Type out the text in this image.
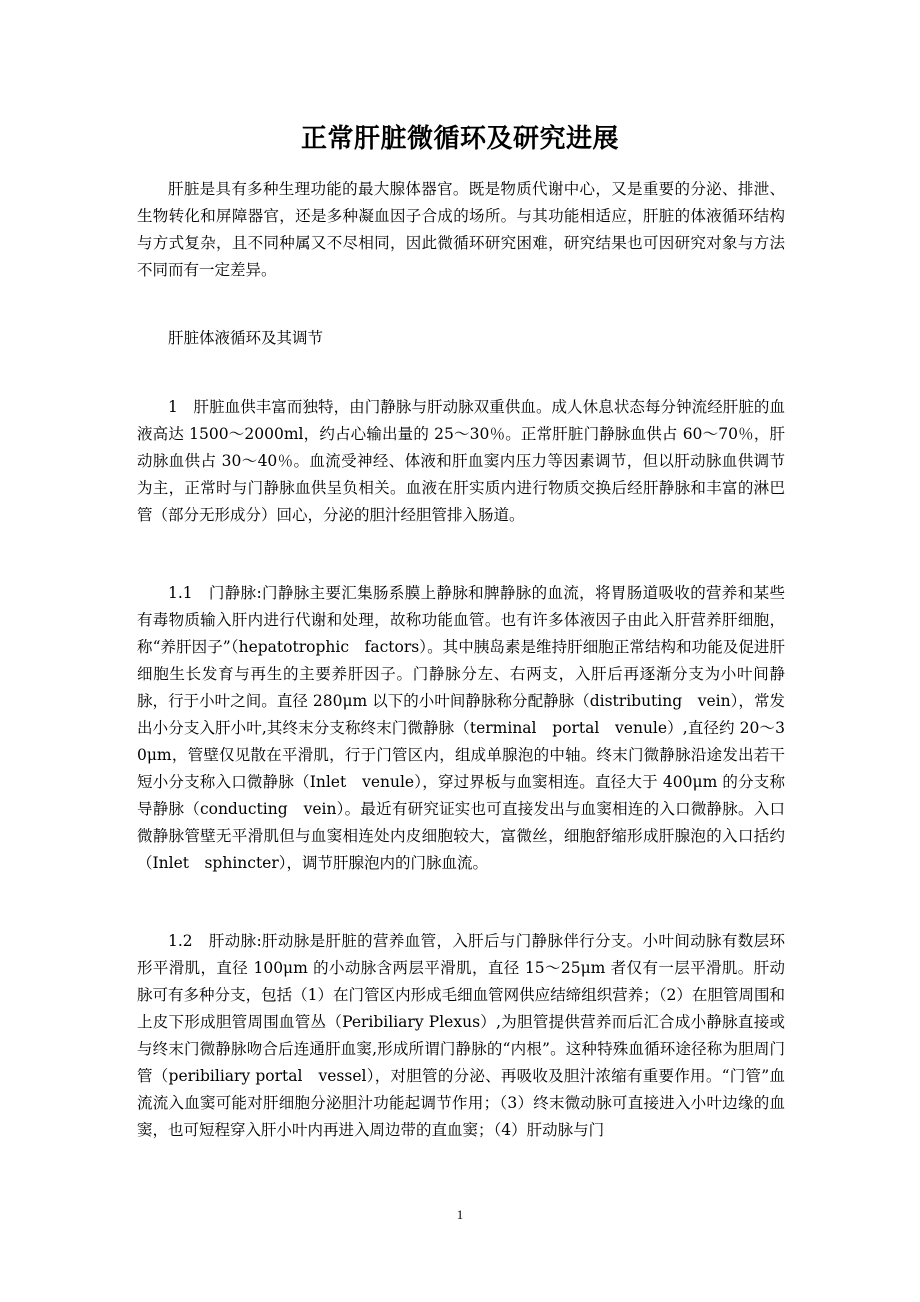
正常肝脏微循环及研究进展

肝脏是具有多种生理功能的最大腺体器官。既是物质代谢中心，又是重要的分泌、排泄、生物转化和屏障器官，还是多种凝血因子合成的场所。与其功能相适应，肝脏的体液循环结构与方式复杂，且不同种属又不尽相同，因此微循环研究困难，研究结果也可因研究对象与方法不同而有一定差异。

肝脏体液循环及其调节

1　肝脏血供丰富而独特，由门静脉与肝动脉双重供血。成人休息状态每分钟流经肝脏的血液高达 1500～2000ml，约占心输出量的 25～30％。正常肝脏门静脉血供占 60～70％，肝动脉血供占 30～40％。血流受神经、体液和肝血窦内压力等因素调节，但以肝动脉血供调节为主，正常时与门静脉血供呈负相关。血液在肝实质内进行物质交换后经肝静脉和丰富的淋巴管（部分无形成分）回心，分泌的胆汁经胆管排入肠道。

1.1　门静脉:门静脉主要汇集肠系膜上静脉和脾静脉的血流，将胃肠道吸收的营养和某些有毒物质输入肝内进行代谢和处理，故称功能血管。也有许多体液因子由此入肝营养肝细胞，称“养肝因子”（hepatotrophic　factors）。其中胰岛素是维持肝细胞正常结构和功能及促进肝细胞生长发育与再生的主要养肝因子。门静脉分左、右两支，入肝后再逐渐分支为小叶间静脉，行于小叶之间。直径 280μm 以下的小叶间静脉称分配静脉（distributing　vein），常发出小分支入肝小叶,其终末分支称终末门微静脉（terminal　portal　venule）,直径约 20～30μm，管壁仅见散在平滑肌，行于门管区内，组成单腺泡的中轴。终末门微静脉沿途发出若干短小分支称入口微静脉（Inlet　venule），穿过界板与血窦相连。直径大于 400μm 的分支称导静脉（conducting　vein）。最近有研究证实也可直接发出与血窦相连的入口微静脉。入口微静脉管壁无平滑肌但与血窦相连处内皮细胞较大，富微丝，细胞舒缩形成肝腺泡的入口括约（Inlet　sphincter），调节肝腺泡内的门脉血流。

1.2　肝动脉:肝动脉是肝脏的营养血管，入肝后与门静脉伴行分支。小叶间动脉有数层环形平滑肌，直径 100μm 的小动脉含两层平滑肌，直径 15～25μm 者仅有一层平滑肌。肝动脉可有多种分支，包括（1）在门管区内形成毛细血管网供应结缔组织营养；（2）在胆管周围和上皮下形成胆管周围血管丛（Peribiliary Plexus）,为胆管提供营养而后汇合成小静脉直接或与终末门微静脉吻合后连通肝血窦,形成所谓门静脉的“内根”。这种特殊血循环途径称为胆周门管（peribiliary portal　vessel），对胆管的分泌、再吸收及胆汁浓缩有重要作用。“门管”血流流入血窦可能对肝细胞分泌胆汁功能起调节作用；（3）终末微动脉可直接进入小叶边缘的血窦，也可短程穿入肝小叶内再进入周边带的直血窦；（4）肝动脉与门

1
